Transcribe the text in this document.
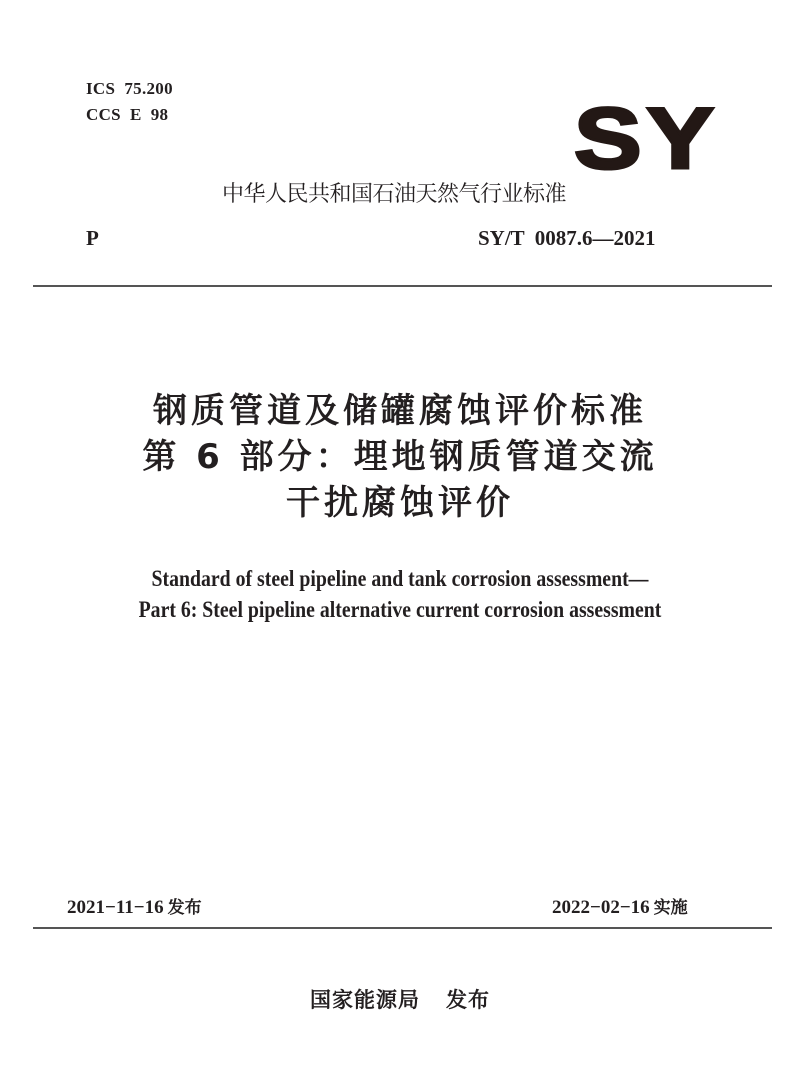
ICS  75.200
CCS  E  98	SY
中华人民共和国石油天然气行业标准
P	SY/T  0087.6—2021
钢质管道及储罐腐蚀评价标准
第 6 部分：埋地钢质管道交流
干扰腐蚀评价
Standard of steel pipeline and tank corrosion assessment—
Part 6: Steel pipeline alternative current corrosion assessment
2021−11−16 发布	2022−02−16 实施
国家能源局 发布
